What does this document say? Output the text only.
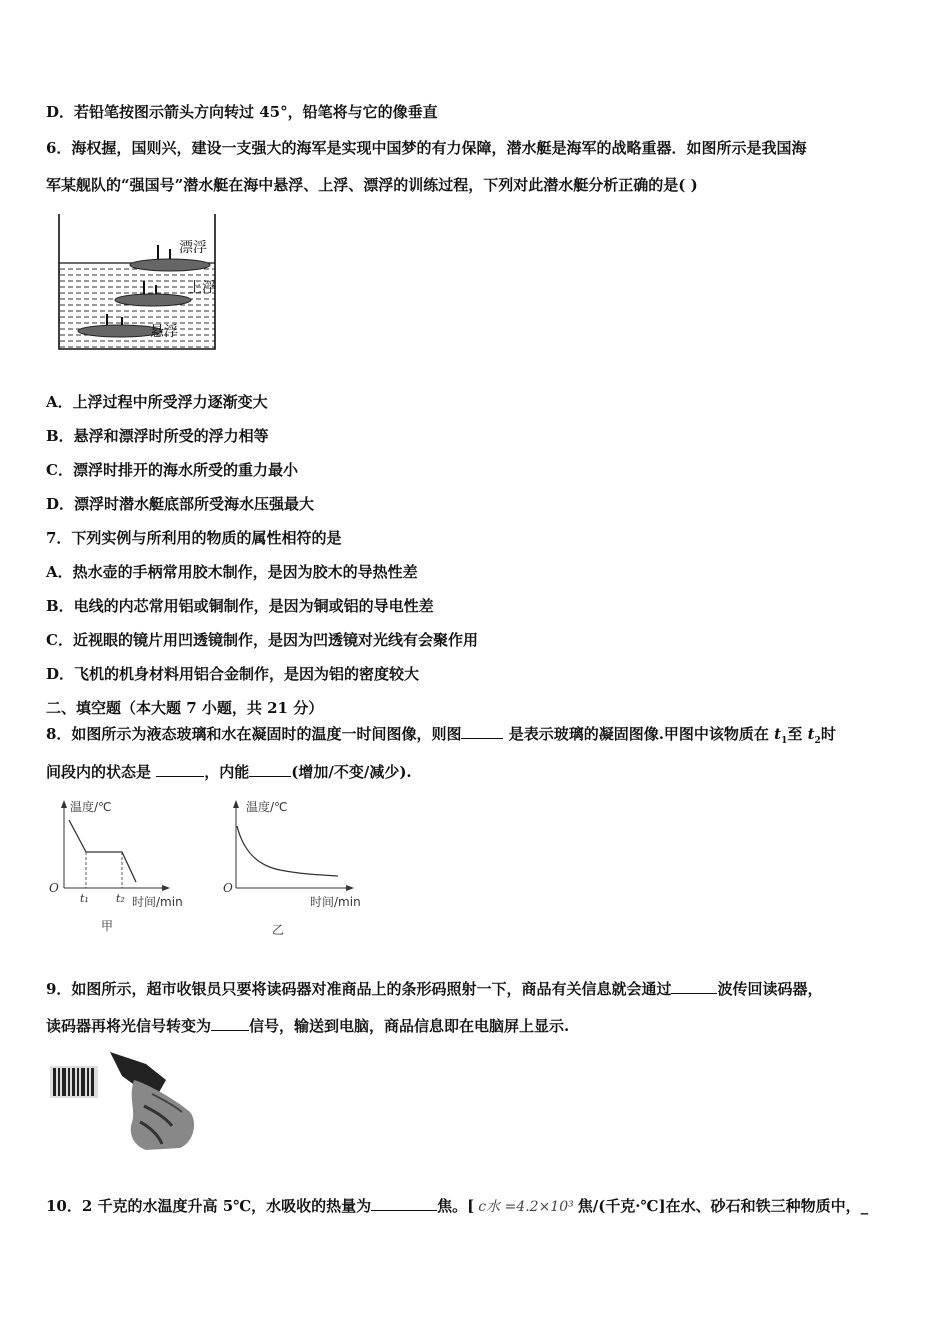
D．若铅笔按图示箭头方向转过 45°，铅笔将与它的像垂直
6．海权握，国则兴，建设一支强大的海军是实现中国梦的有力保障，潜水艇是海军的战略重器．如图所示是我国海
军某舰队的“强国号”潜水艇在海中悬浮、上浮、漂浮的训练过程，下列对此潜水艇分析正确的是( )
漂浮
上浮
悬浮
A．上浮过程中所受浮力逐渐变大
B．悬浮和漂浮时所受的浮力相等
C．漂浮时排开的海水所受的重力最小
D．漂浮时潜水艇底部所受海水压强最大
7．下列实例与所利用的物质的属性相符的是
A．热水壶的手柄常用胶木制作，是因为胶木的导热性差
B．电线的内芯常用铝或铜制作，是因为铜或铝的导电性差
C．近视眼的镜片用凹透镜制作，是因为凹透镜对光线有会聚作用
D．飞机的机身材料用铝合金制作，是因为铝的密度较大
二、填空题（本大题 7 小题，共 21 分）
8．如图所示为液态玻璃和水在凝固时的温度一时间图像，则图	是表示玻璃的凝固图像.甲图中该物质在 $t_1$至 $t_2$时
间段内的状态是	，内能	(增加/不变/减少).
温度/℃
O
t₁ t₂ 时间/min
甲
温度/℃
O
时间/min
乙
9．如图所示，超市收银员只要将读码器对准商品上的条形码照射一下，商品有关信息就会通过	波传回读码器，
读码器再将光信号转变为	信号，输送到电脑，商品信息即在电脑屏上显示.
10．2 千克的水温度升高 5℃，水吸收的热量为	焦。[ c水 =4.2×10³ 焦/(千克·℃]在水、砂石和铁三种物质中，_
